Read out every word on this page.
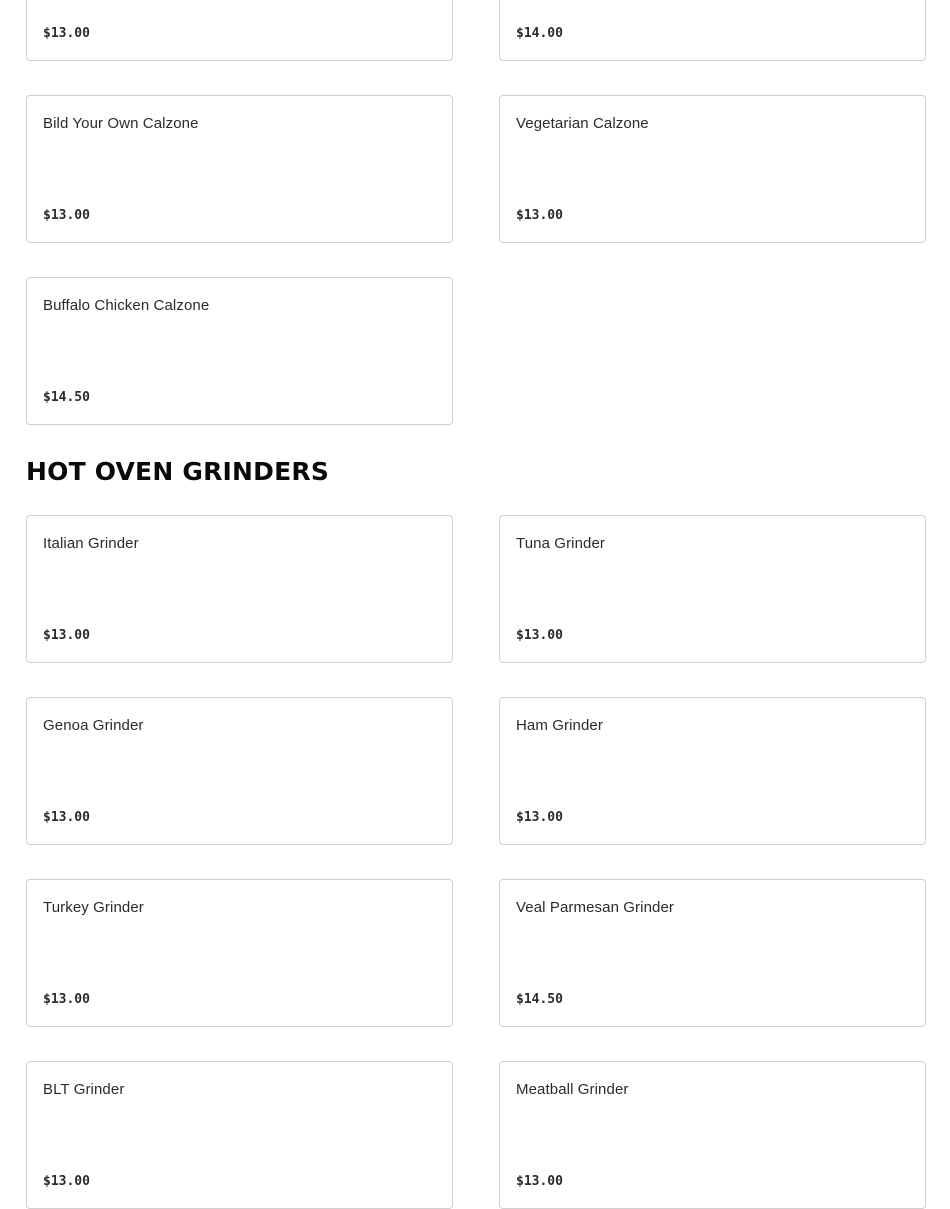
$13.00	$14.00
Bild Your Own Calzone
$13.00
Vegetarian Calzone
$13.00
Buffalo Chicken Calzone
$14.50
HOT OVEN GRINDERS
Italian Grinder
$13.00
Tuna Grinder
$13.00
Genoa Grinder
$13.00
Ham Grinder
$13.00
Turkey Grinder
$13.00
Veal Parmesan Grinder
$14.50
BLT Grinder
$13.00
Meatball Grinder
$13.00
